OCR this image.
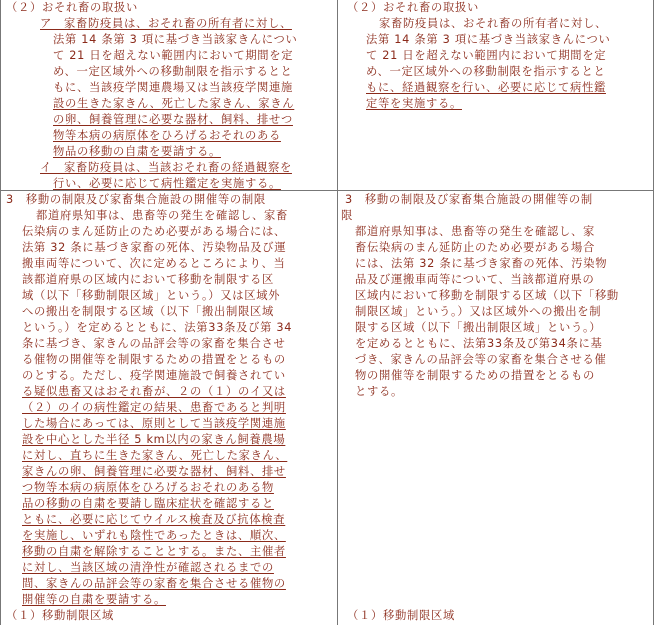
（２）おそれ畜の取扱い
ア　家畜防疫員は、おそれ畜の所有者に対し、
法第 14 条第 3 項に基づき当該家きんについ
て 21 日を超えない範囲内において期間を定
め、一定区域外への移動制限を指示するとと
もに、当該疫学関連農場又は当該疫学関連施
設の生きた家きん、死亡した家きん、家きん
の卵、飼養管理に必要な器材、飼料、排せつ
物等本病の病原体をひろげるおそれのある
物品の移動の自粛を要請する。
イ　家畜防疫員は、当該おそれ畜の経過観察を
行い、必要に応じて病性鑑定を実施する。
3　移動の制限及び家畜集合施設の開催等の制限
都道府県知事は、患畜等の発生を確認し、家畜
伝染病のまん延防止のため必要がある場合には、
法第 32 条に基づき家畜の死体、汚染物品及び運
搬車両等について、次に定めるところにより、当
該都道府県の区域内において移動を制限する区
域（以下「移動制限区域」という。）又は区域外
への搬出を制限する区域（以下「搬出制限区域
という。）を定めるとともに、法第33条及び第 34
条に基づき、家きんの品評会等の家畜を集合させ
る催物の開催等を制限するための措置をとるもの
のとする。ただし、疫学関連施設で飼養されてい
る疑似患畜又はおそれ畜が、２の（１）のイ又は
（２）のイの病性鑑定の結果、患畜であると判明
した場合にあっては、原則として当該疫学関連施
設を中心とした半径 5 km以内の家きん飼養農場
に対し、直ちに生きた家きん、死亡した家きん、
家きんの卵、飼養管理に必要な器材、飼料、排せ
つ物等本病の病原体をひろげるおそれのある物
品の移動の自粛を要請し臨床症状を確認すると
ともに、必要に応じてウイルス検査及び抗体検査
を実施し、いずれも陰性であったときは、順次、
移動の自粛を解除することとする。また、主催者
に対し、当該区域の清浄性が確認されるまでの
間、家きんの品評会等の家畜を集合させる催物の
開催等の自粛を要請する。
（１）移動制限区域
（２）おそれ畜の取扱い
家畜防疫員は、おそれ畜の所有者に対し、
法第 14 条第 3 項に基づき当該家きんについ
て 21 日を超えない範囲内において期間を定
め、一定区域外への移動制限を指示するとと
もに、経過観察を行い、必要に応じて病性鑑
定等を実施する。
3　移動の制限及び家畜集合施設の開催等の制
限
都道府県知事は、患畜等の発生を確認し、家
畜伝染病のまん延防止のため必要がある場合
には、法第 32 条に基づき家畜の死体、汚染物
品及び運搬車両等について、当該都道府県の
区域内において移動を制限する区域（以下「移動
制限区域」という。）又は区域外への搬出を制
限する区域（以下「搬出制限区域」という。）
を定めるとともに、法第33条及び第34条に基
づき、家きんの品評会等の家畜を集合させる催
物の開催等を制限するための措置をとるもの
とする。
（１）移動制限区域
